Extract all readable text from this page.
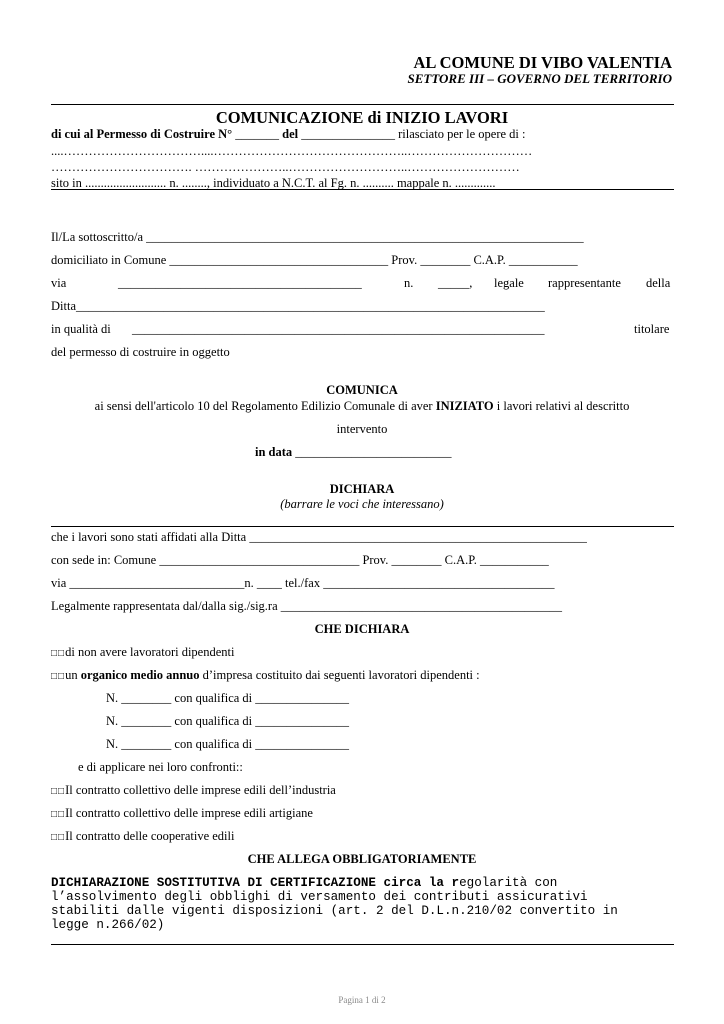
AL COMUNE DI VIBO VALENTIA
SETTORE III – GOVERNO DEL TERRITORIO
COMUNICAZIONE di INIZIO LAVORI
di cui al Permesso di Costruire N° _______ del _______________ rilasciato per le opere di :
....……………………………....………………………………………..…………………………
……………………………. …………………..………………………..………………………
sito in .......................... n. ........, individuato a N.C.T. al Fg. n. .......... mappale n. .............
Il/La sottoscritto/a ______________________________________________________________________
domiciliato in Comune ___________________________________ Prov. ________ C.A.P. ___________
via	_______________________________________	n. _____, legale rappresentante della
Ditta___________________________________________________________________________
in qualità di __________________________________________________________________	titolare
del permesso di costruire in oggetto
COMUNICA
ai sensi dell'articolo 10 del Regolamento Edilizio Comunale di aver INIZIATO i lavori relativi al descritto
intervento
in data _________________________
DICHIARA
(barrare le voci che interessano)
che i lavori sono stati affidati alla Ditta ______________________________________________________
con sede in: Comune ________________________________ Prov. ________ C.A.P. ___________
via ____________________________n. ____ tel./fax _____________________________________
Legalmente rappresentata dal/dalla sig./sig.ra _____________________________________________
CHE DICHIARA
□□di non avere lavoratori dipendenti
□□un organico medio annuo d’impresa costituito dai seguenti lavoratori dipendenti :
N. ________ con qualifica di _______________
N. ________ con qualifica di _______________
N. ________ con qualifica di _______________
e di applicare nei loro confronti::
□□Il contratto collettivo delle imprese edili dell’industria
□□Il contratto collettivo delle imprese edili artigiane
□□Il contratto delle cooperative edili
CHE ALLEGA OBBLIGATORIAMENTE
DICHIARAZIONE SOSTITUTIVA DI CERTIFICAZIONE circa la regolarità con
l’assolvimento degli obblighi di versamento dei contributi assicurativi
stabiliti dalle vigenti disposizioni (art. 2 del D.L.n.210/02 convertito in
legge n.266/02)
Pagina 1 di 2
